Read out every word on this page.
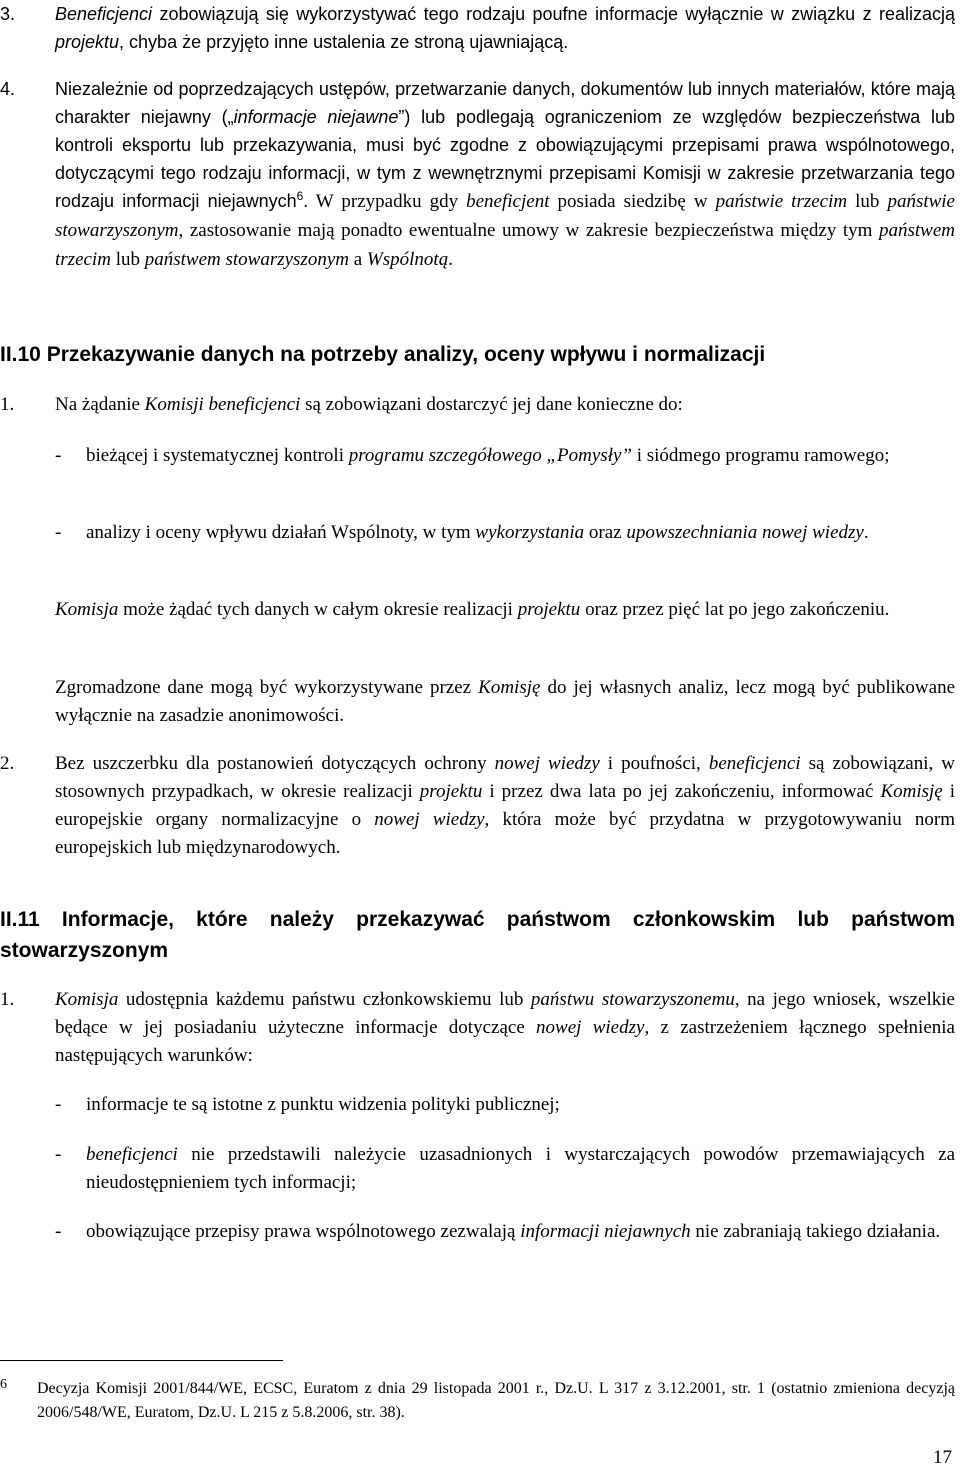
3. Beneficjenci zobowiązują się wykorzystywać tego rodzaju poufne informacje wyłącznie w związku z realizacją projektu, chyba że przyjęto inne ustalenia ze stroną ujawniającą.
4. Niezależnie od poprzedzających ustępów, przetwarzanie danych, dokumentów lub innych materiałów, które mają charakter niejawny („informacje niejawne”) lub podlegają ograniczeniom ze względów bezpieczeństwa lub kontroli eksportu lub przekazywania, musi być zgodne z obowiązującymi przepisami prawa wspólnotowego, dotyczącymi tego rodzaju informacji, w tym z wewnętrznymi przepisami Komisji w zakresie przetwarzania tego rodzaju informacji niejawnych$^6$. W przypadku gdy beneficjent posiada siedzibę w państwie trzecim lub państwie stowarzyszonym, zastosowanie mają ponadto ewentualne umowy w zakresie bezpieczeństwa między tym państwem trzecim lub państwem stowarzyszonym a Wspólnotą.
II.10 Przekazywanie danych na potrzeby analizy, oceny wpływu i normalizacji
1. Na żądanie Komisji beneficjenci są zobowiązani dostarczyć jej dane konieczne do:
- bieżącej i systematycznej kontroli programu szczegółowego „Pomysły” i siódmego programu ramowego;
- analizy i oceny wpływu działań Wspólnoty, w tym wykorzystania oraz upowszechniania nowej wiedzy.
Komisja może żądać tych danych w całym okresie realizacji projektu oraz przez pięć lat po jego zakończeniu.
Zgromadzone dane mogą być wykorzystywane przez Komisję do jej własnych analiz, lecz mogą być publikowane wyłącznie na zasadzie anonimowości.
2. Bez uszczerbku dla postanowień dotyczących ochrony nowej wiedzy i poufności, beneficjenci są zobowiązani, w stosownych przypadkach, w okresie realizacji projektu i przez dwa lata po jej zakończeniu, informować Komisję i europejskie organy normalizacyjne o nowej wiedzy, która może być przydatna w przygotowywaniu norm europejskich lub międzynarodowych.
II.11 Informacje, które należy przekazywać państwom członkowskim lub państwom stowarzyszonym
1. Komisja udostępnia każdemu państwu członkowskiemu lub państwu stowarzyszonemu, na jego wniosek, wszelkie będące w jej posiadaniu użyteczne informacje dotyczące nowej wiedzy, z zastrzeżeniem łącznego spełnienia następujących warunków:
- informacje te są istotne z punktu widzenia polityki publicznej;
- beneficjenci nie przedstawili należycie uzasadnionych i wystarczających powodów przemawiających za nieudostępnieniem tych informacji;
- obowiązujące przepisy prawa wspólnotowego zezwalają informacji niejawnych nie zabraniają takiego działania.
6 Decyzja Komisji 2001/844/WE, ECSC, Euratom z dnia 29 listopada 2001 r., Dz.U. L 317 z 3.12.2001, str. 1 (ostatnio zmieniona decyzją 2006/548/WE, Euratom, Dz.U. L 215 z 5.8.2006, str. 38).
17
